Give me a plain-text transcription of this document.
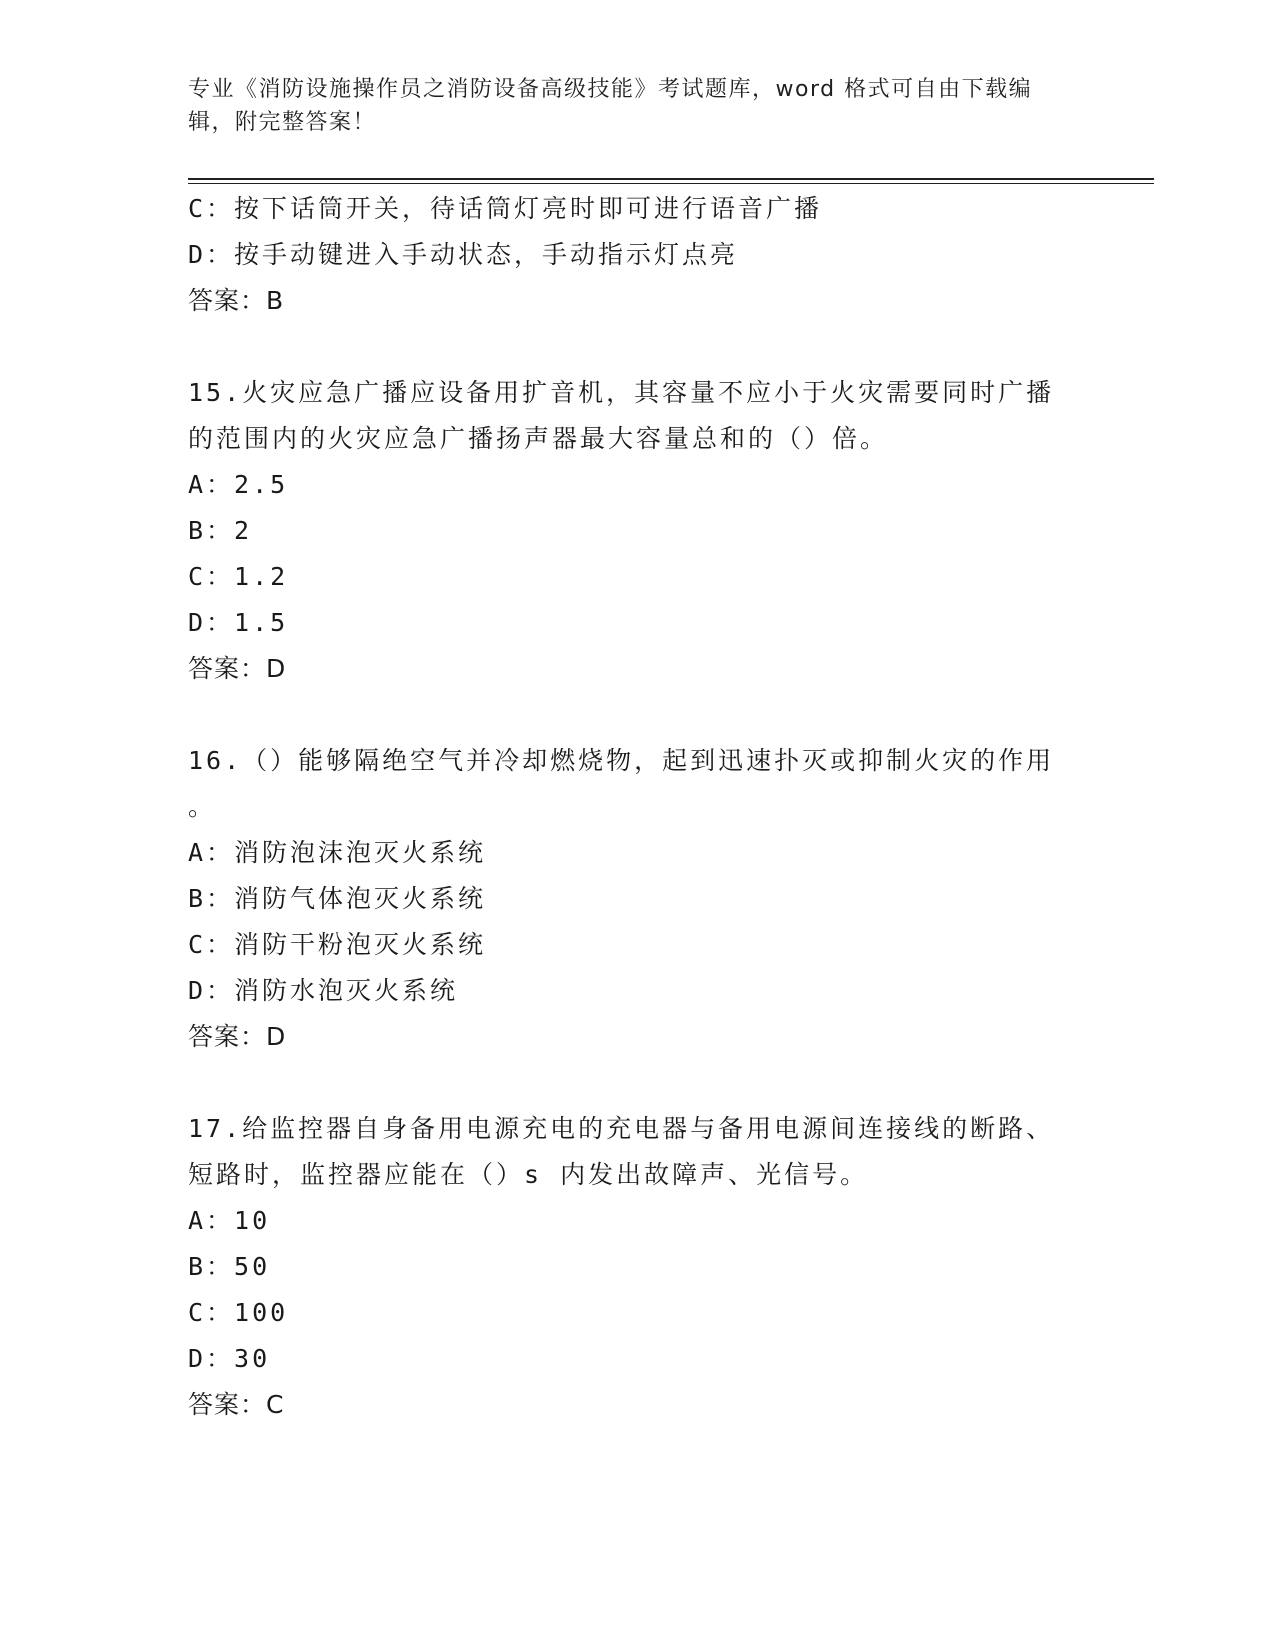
专业《消防设施操作员之消防设备高级技能》考试题库，word 格式可自由下载编辑，附完整答案！
C：按下话筒开关，待话筒灯亮时即可进行语音广播
D：按手动键进入手动状态，手动指示灯点亮
答案：B
15.火灾应急广播应设备用扩音机，其容量不应小于火灾需要同时广播
的范围内的火灾应急广播扬声器最大容量总和的（）倍。
A：2.5
B：2
C：1.2
D：1.5
答案：D
16.（）能够隔绝空气并冷却燃烧物，起到迅速扑灭或抑制火灾的作用
。
A：消防泡沫泡灭火系统
B：消防气体泡灭火系统
C：消防干粉泡灭火系统
D：消防水泡灭火系统
答案：D
17.给监控器自身备用电源充电的充电器与备用电源间连接线的断路、
短路时，监控器应能在（）s 内发出故障声、光信号。
A：10
B：50
C：100
D：30
答案：C
